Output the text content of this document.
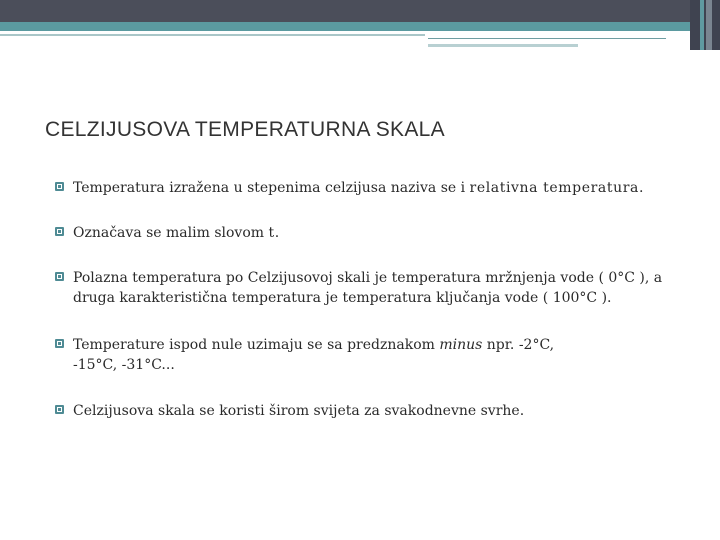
CELZIJUSOVA TEMPERATURNA SKALA
Temperatura izražena u stepenima celzijusa naziva se i relativna temperatura.
Označava se malim slovom t.
Polazna temperatura po Celzijusovoj skali je temperatura mržnjenja vode ( 0°C ), a
druga karakteristična temperatura je temperatura ključanja vode ( 100°C ).
Temperature ispod nule uzimaju se sa predznakom minus npr. -2°C,
-15°C, -31°C...
Celzijusova skala se koristi širom svijeta za svakodnevne svrhe.
